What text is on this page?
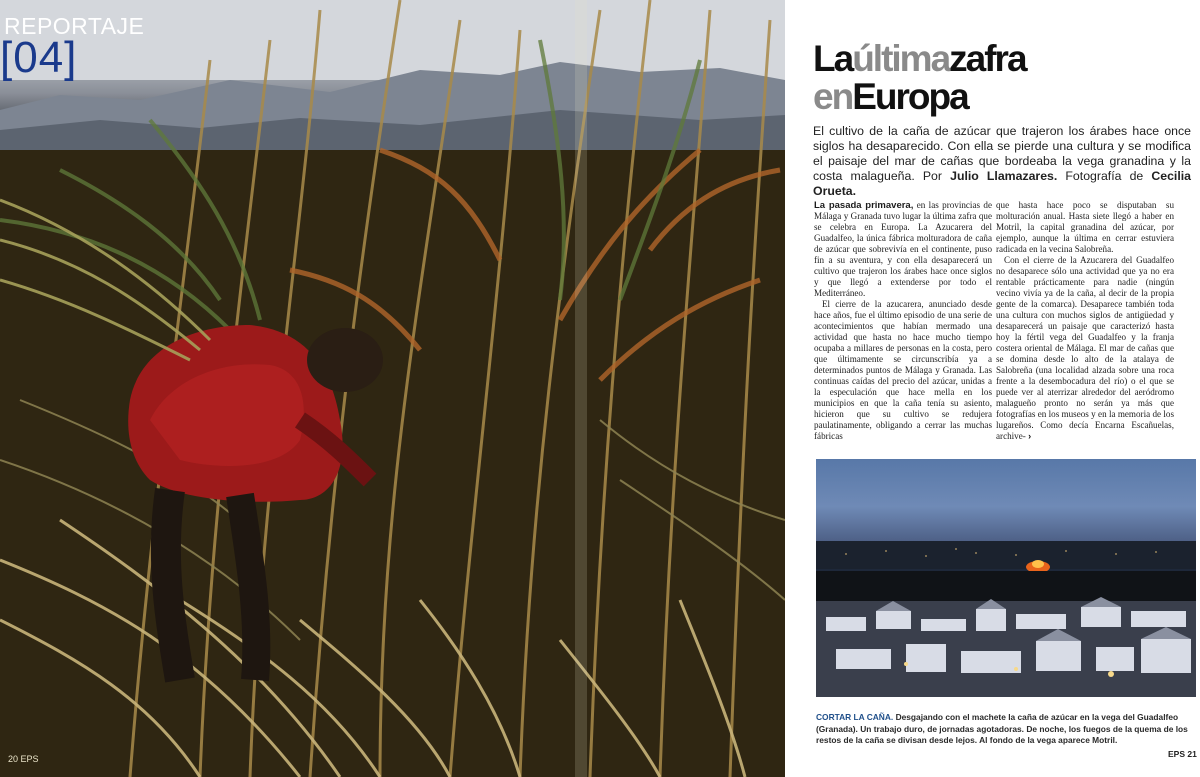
REPORTAJE
[04]
20 EPS
Laúltimazafra
enEuropa
El cultivo de la caña de azúcar que trajeron los árabes hace once siglos ha desaparecido. Con ella se pierde una cultura y se modifica el paisaje del mar de cañas que bordeaba la vega granadina y la costa malagueña. Por Julio Llamazares. Fotografía de Cecilia Orueta.

La pasada primavera, en las provincias de Málaga y Granada tuvo lugar la última zafra que se celebra en Europa. La Azucarera del Guadalfeo, la única fábrica molturadora de caña de azúcar que sobrevivía en el continente, puso fin a su aventura, y con ella desaparecerá un cultivo que trajeron los árabes hace once siglos y que llegó a extenderse por todo el Mediterráneo.

El cierre de la azucarera, anunciado desde hace años, fue el último episodio de una serie de acontecimientos que habían mermado una actividad que hasta no hace mucho tiempo ocupaba a millares de personas en la costa, pero que últimamente se circunscribía ya a determinados puntos de Málaga y Granada. Las continuas caídas del precio del azúcar, unidas a la especulación que hace mella en los municipios en que la caña tenía su asiento, hicieron que su cultivo se redujera paulatinamente, obligando a cerrar las muchas fábricas

que hasta hace poco se disputaban su molturación anual. Hasta siete llegó a haber en Motril, la capital granadina del azúcar, por ejemplo, aunque la última en cerrar estuviera radicada en la vecina Salobreña.

Con el cierre de la Azucarera del Guadalfeo no desaparece sólo una actividad que ya no era rentable prácticamente para nadie (ningún vecino vivía ya de la caña, al decir de la propia gente de la comarca). Desaparece también toda una cultura con muchos siglos de antigüedad y desaparecerá un paisaje que caracterizó hasta hoy la fértil vega del Guadalfeo y la franja costera oriental de Málaga. El mar de cañas que se domina desde lo alto de la atalaya de Salobreña (una localidad alzada sobre una roca frente a la desembocadura del río) o el que se puede ver al aterrizar alrededor del aeródromo malagueño pronto no serán ya más que fotografías en los museos y en la memoria de los lugareños. Como decía Encarna Escañuelas, archive- ›

CORTAR LA CAÑA. Desgajando con el machete la caña de azúcar en la vega del Guadalfeo (Granada). Un trabajo duro, de jornadas agotadoras. De noche, los fuegos de la quema de los restos de la caña se divisan desde lejos. Al fondo de la vega aparece Motril.
EPS 21
